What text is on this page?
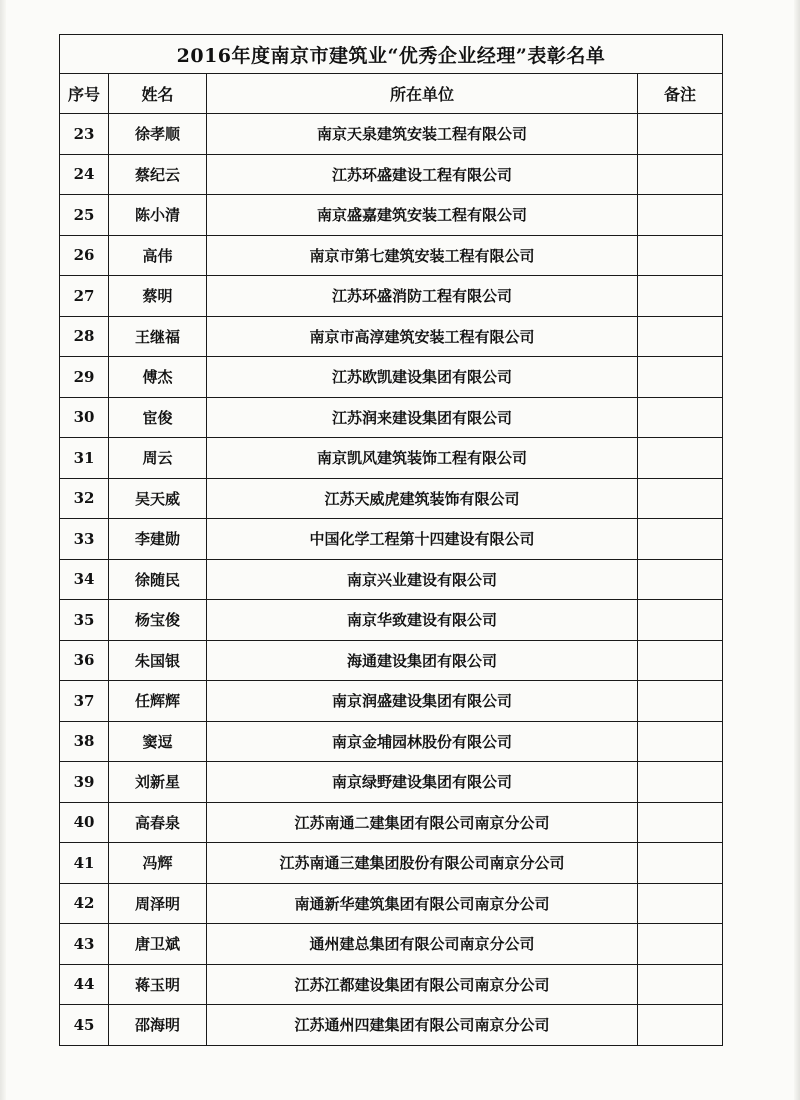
2016年度南京市建筑业“优秀企业经理”表彰名单			
序号	姓名	所在单位	备注
23	徐孝顺	南京天泉建筑安装工程有限公司	
24	蔡纪云	江苏环盛建设工程有限公司	
25	陈小清	南京盛嘉建筑安装工程有限公司	
26	高伟	南京市第七建筑安装工程有限公司	
27	蔡明	江苏环盛消防工程有限公司	
28	王继福	南京市高淳建筑安装工程有限公司	
29	傅杰	江苏欧凯建设集团有限公司	
30	宦俊	江苏润来建设集团有限公司	
31	周云	南京凯风建筑装饰工程有限公司	
32	吴天威	江苏天威虎建筑装饰有限公司	
33	李建勋	中国化学工程第十四建设有限公司	
34	徐随民	南京兴业建设有限公司	
35	杨宝俊	南京华致建设有限公司	
36	朱国银	海通建设集团有限公司	
37	任辉辉	南京润盛建设集团有限公司	
38	窦逗	南京金埔园林股份有限公司	
39	刘新星	南京绿野建设集团有限公司	
40	高春泉	江苏南通二建集团有限公司南京分公司	
41	冯辉	江苏南通三建集团股份有限公司南京分公司	
42	周泽明	南通新华建筑集团有限公司南京分公司	
43	唐卫斌	通州建总集团有限公司南京分公司	
44	蒋玉明	江苏江都建设集团有限公司南京分公司	
45	邵海明	江苏通州四建集团有限公司南京分公司	
